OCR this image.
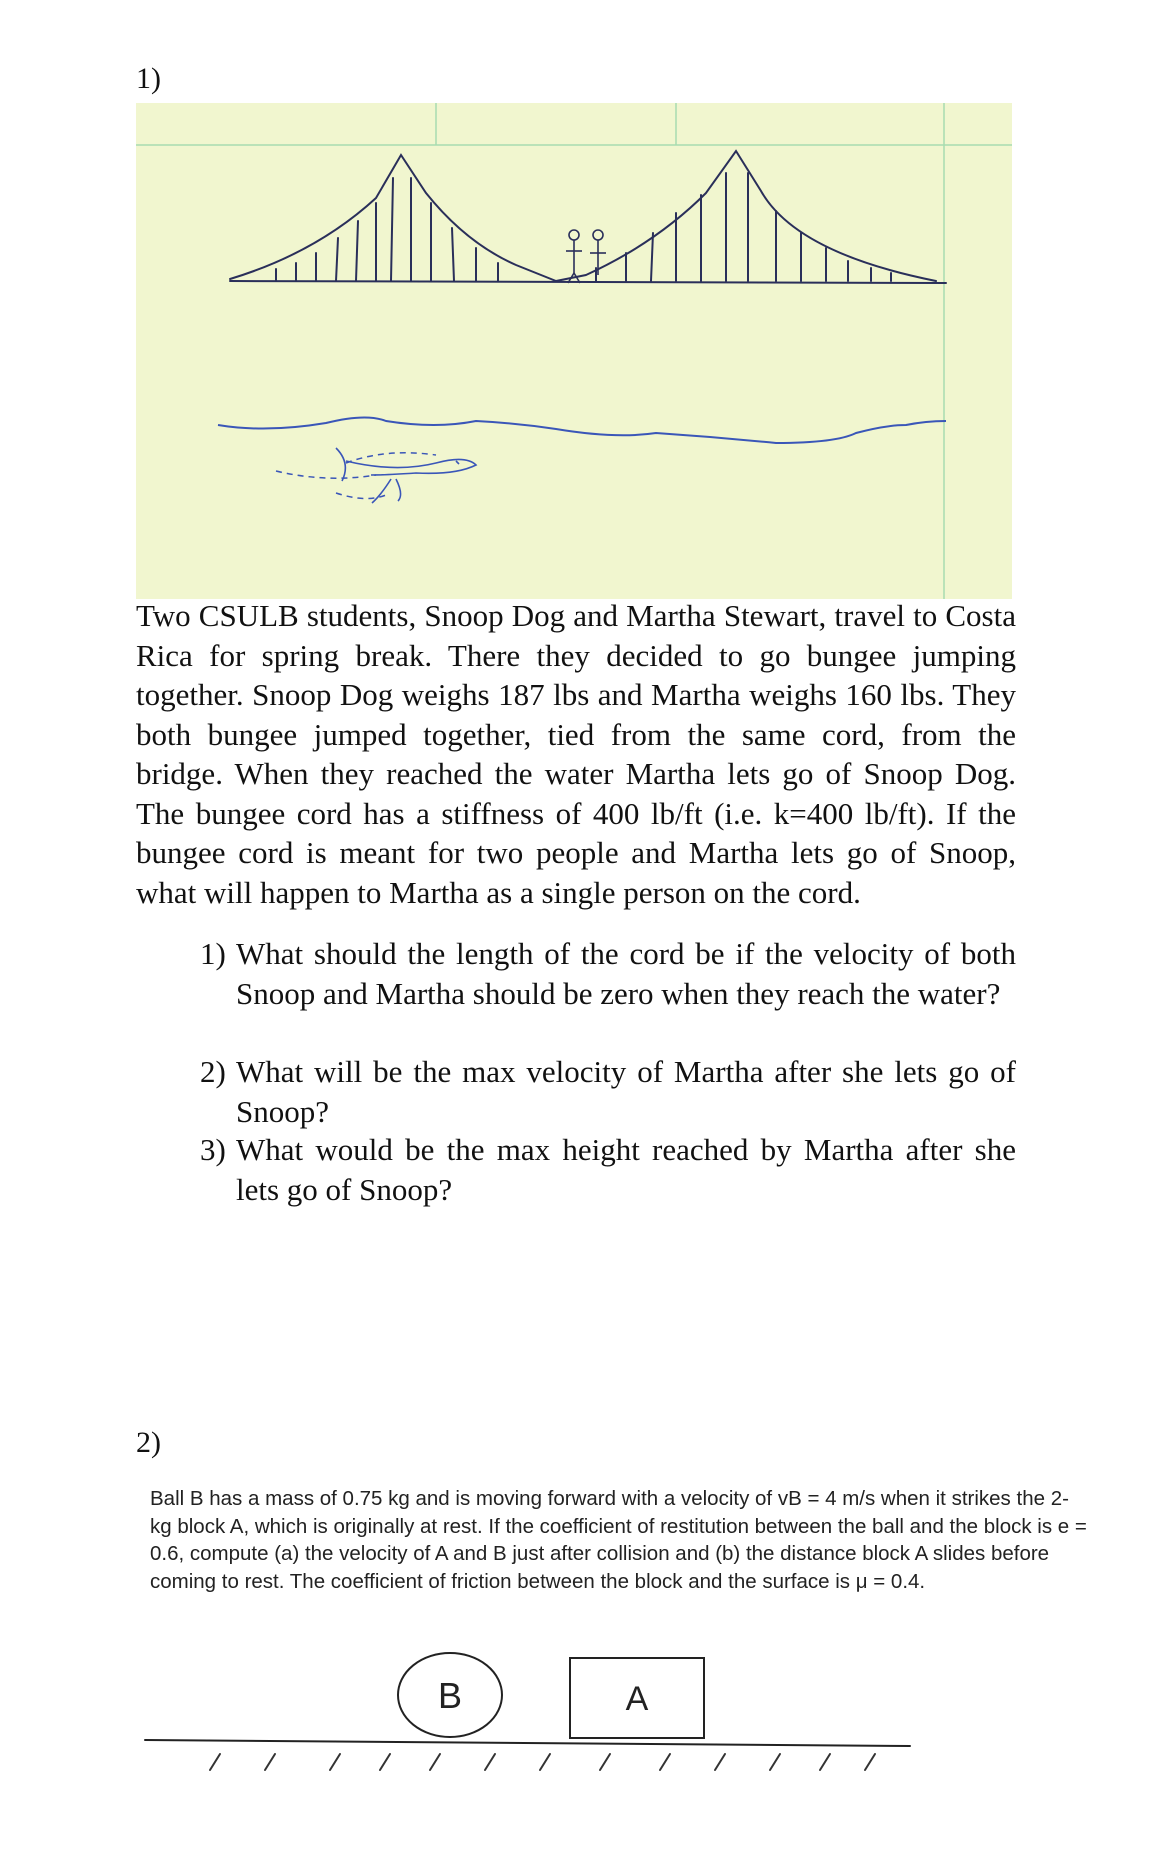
1)
Two CSULB students, Snoop Dog and Martha Stewart, travel to Costa Rica for spring break. There they decided to go bungee jumping together. Snoop Dog weighs 187 lbs and Martha weighs 160 lbs. They both bungee jumped together, tied from the same cord, from the bridge. When they reached the water Martha lets go of Snoop Dog. The bungee cord has a stiffness of 400 lb/ft (i.e. k=400 lb/ft). If the bungee cord is meant for two people and Martha lets go of Snoop, what will happen to Martha as a single person on the cord.
1) What should the length of the cord be if the velocity of both Snoop and Martha should be zero when they reach the water?
2) What will be the max velocity of Martha after she lets go of Snoop?
3) What would be the max height reached by Martha after she lets go of Snoop?
2)
Ball B has a mass of 0.75 kg and is moving forward with a velocity of vB = 4 m/s when it strikes the 2-kg block A, which is originally at rest. If the coefficient of restitution between the ball and the block is e = 0.6, compute (a) the velocity of A and B just after collision and (b) the distance block A slides before coming to rest. The coefficient of friction between the block and the surface is μ = 0.4.
B	A
